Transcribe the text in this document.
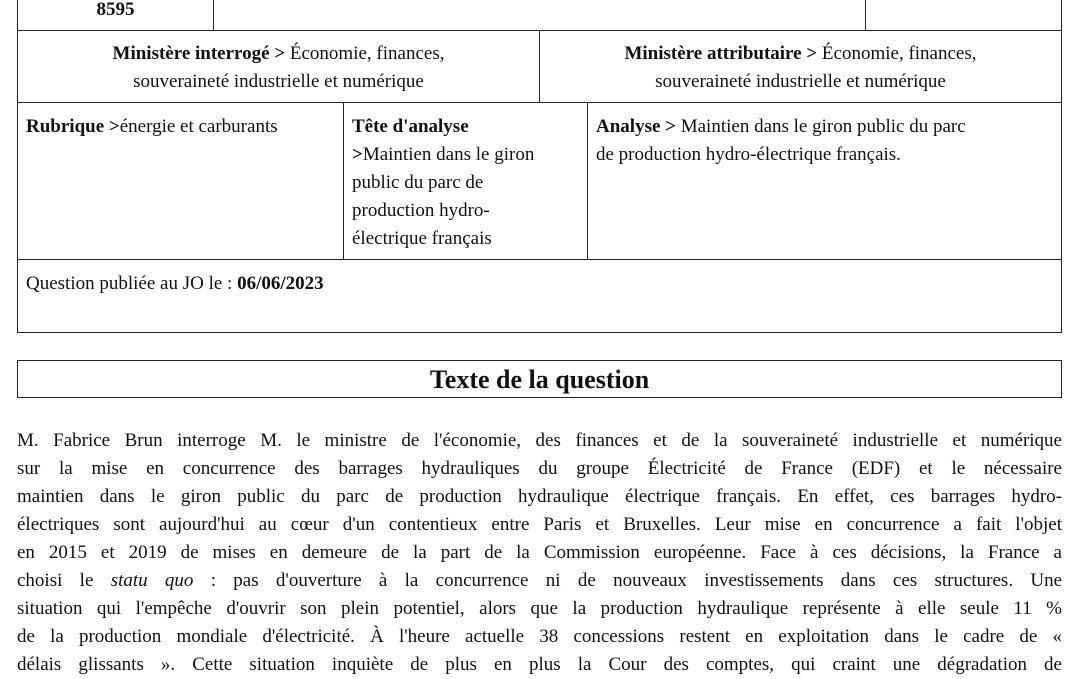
8595
Ministère interrogé > Économie, finances,
souveraineté industrielle et numérique
Ministère attributaire > Économie, finances,
souveraineté industrielle et numérique
Rubrique >énergie et carburants	Tête d'analyse
>Maintien dans le giron
public du parc de
production hydro-
électrique français
Analyse > Maintien dans le giron public du parc
de production hydro-électrique français.
Question publiée au JO le : 06/06/2023
Texte de la question

M. Fabrice Brun interroge M. le ministre de l'économie, des finances et de la souveraineté industrielle et numérique

sur la mise en concurrence des barrages hydrauliques du groupe Électricité de France (EDF) et le nécessaire

maintien dans le giron public du parc de production hydraulique électrique français. En effet, ces barrages hydro-

électriques sont aujourd'hui au cœur d'un contentieux entre Paris et Bruxelles. Leur mise en concurrence a fait l'objet

en 2015 et 2019 de mises en demeure de la part de la Commission européenne. Face à ces décisions, la France a

choisi le statu quo : pas d'ouverture à la concurrence ni de nouveaux investissements dans ces structures. Une

situation qui l'empêche d'ouvrir son plein potentiel, alors que la production hydraulique représente à elle seule 11 %

de la production mondiale d'électricité. À l'heure actuelle 38 concessions restent en exploitation dans le cadre de «

délais glissants ». Cette situation inquiète de plus en plus la Cour des comptes, qui craint une dégradation de
